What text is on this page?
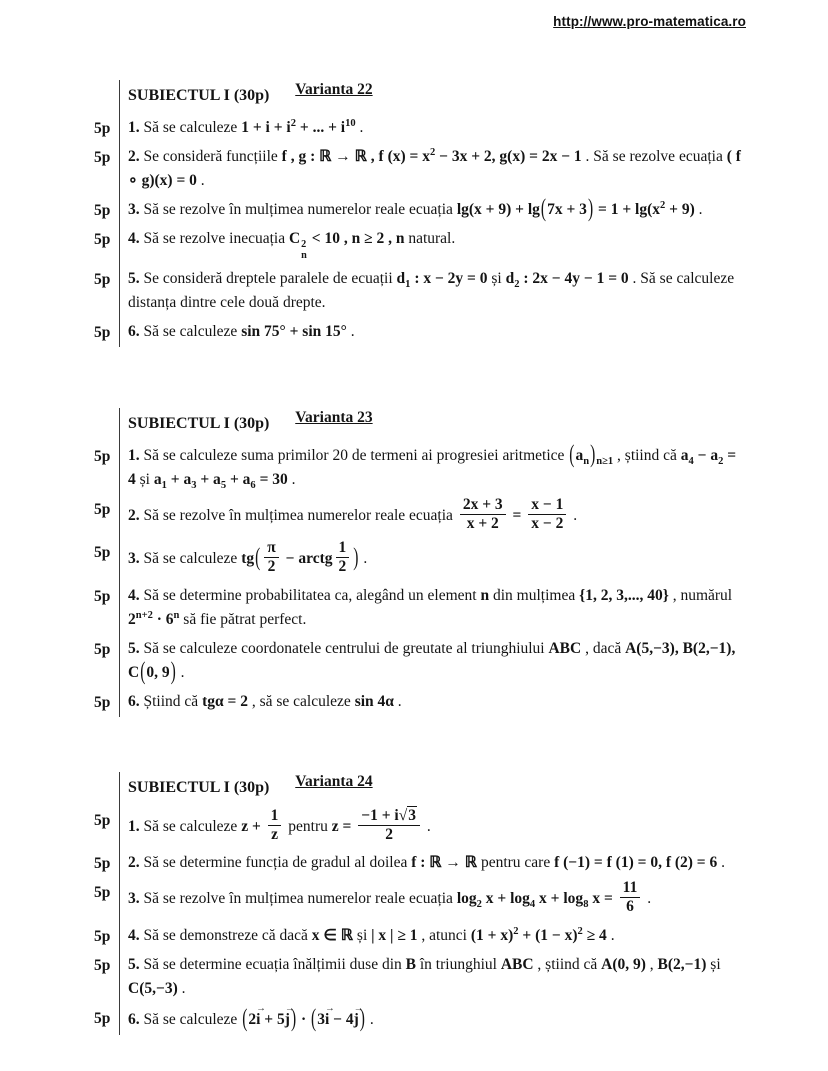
http://www.pro-matematica.ro
SUBIECTUL I (30p) Varianta 22
5p	1. Să se calculeze $1 + i + i^2$ + ... + $i^{10}$ .
5p	2. Se consideră funcțiile f , g : ℝ → ℝ , f $(x) = x^2 - 3x + 2$, g(x) = 2x − 1 . Să se rezolve ecuația ( f ∘ g)(x) = 0 .
5p	3. Să se rezolve în mulțimea numerelor reale ecuația $\lg(x + 9) + \lg(7x + 3) = 1 + \lg(x^2 + 9)$ .
5p	4. Să se rezolve inecuația C 2
n
< 10 , n ≥ 2 , n natural.
5p	5. Se consideră dreptele paralele de ecuații $d_1$ : x − 2y = 0 și $d_2$ : 2x − 4y − 1 = 0 . Să se calculeze distanța dintre cele două drepte.
5p	6. Să se calculeze sin 75° + sin 15° .
SUBIECTUL I (30p) Varianta 23
5p	1. Să se calculeze suma primilor 20 de termeni ai progresiei aritmetice $(a_n)_{n\ge 1}$ , știind că $a_4 - a_2 = 4$ și $a_1 + a_3 + a_5 + a_6 = 30$ .
5p	2. Să se rezolve în mulțimea numerelor reale ecuația $\frac{2x + 3}{x + 2} = \frac{x - 1}{x - 2}$ .
5p	3. Să se calculeze $tg( \frac{\pi}{2}$ − arctg $\frac{1}{2}$ ) .
5p	4. Să se determine probabilitatea ca, alegând un element n din mulțimea {1, 2, 3,..., 40} , numărul $2^{n+2} \cdot 6^n$ să fie pătrat perfect.
5p	5. Să se calculeze coordonatele centrului de greutate al triunghiului ABC , dacă A(5,−3), B(2,−1), C(0, 9) .
5p	6. Știind că tgα = 2 , să se calculeze sin 4α .
SUBIECTUL I (30p) Varianta 24
5p	1. Să se calculeze $z + \frac{1}{z}$ pentru $z = \frac{-1 + i√3}{2}$ .
5p	2. Să se determine funcția de gradul al doilea f : ℝ → ℝ pentru care f (−1) = f (1) = 0, f (2) = 6 .
5p	3. Să se rezolve în mulțimea numerelor reale ecuația $\log_2 x + \log_4 x + \log_8 x = \frac{11}{6}$ .
5p	4. Să se demonstreze că dacă x ∈ ℝ și | x | ≥ 1 , atunci $(1 + x)^2 + (1 - x)^2 \ge 4$ .
5p	5. Să se determine ecuația înălțimii duse din B în triunghiul ABC , știind că A(0, 9) , B(2,−1) și C(5,−3) .
5p	6. Să se calculeze (2→ i + 5→ j) · (3→ i − 4→ j) .
